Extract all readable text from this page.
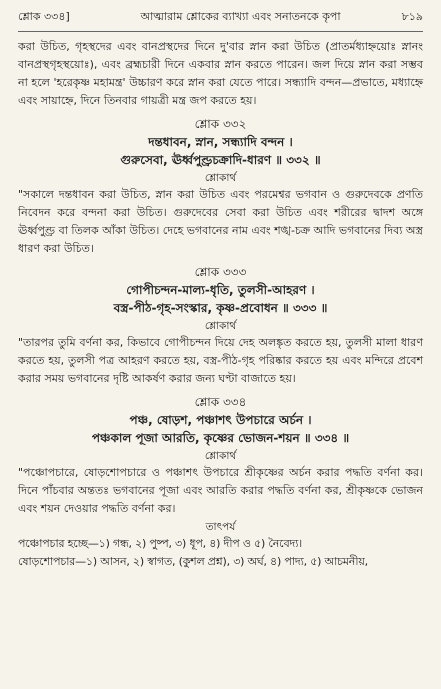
শ্লোক ৩৩৪]	আত্মারাম শ্লোকের ব্যাখ্যা এবং সনাতনকে কৃপা	৮১৯

করা উচিত, গৃহস্থদের এবং বানপ্রস্থদের দিনে দু'বার স্নান করা উচিত (প্রাতর্মধ্যাহ্নয়োঃ স্নানং বানপ্রস্থগৃহস্থয়োঃ), এবং ব্রহ্মচারী দিনে একবার স্নান করতে পারেন। জল দিয়ে স্নান করা সম্ভব না হলে 'হরেকৃষ্ণ মহামন্ত্র' উচ্চারণ করে স্নান করা যেতে পারে। সন্ধ্যাদি বন্দন—প্রভাতে, মধ্যাহ্নে এবং সায়াহ্নে, দিনে তিনবার গায়ত্রী মন্ত্র জপ করতে হয়।

শ্লোক ৩৩২
দন্তধাবন, স্নান, সন্ধ্যাদি বন্দন ।
গুরুসেবা, ঊর্ধ্বপুণ্ড্রচক্রাদি-ধারণ ॥ ৩৩২ ॥
শ্লোকার্থ

"সকালে দন্তধাবন করা উচিত, স্নান করা উচিত এবং পরমেশ্বর ভগবান ও গুরুদেবকে প্রণতি নিবেদন করে বন্দনা করা উচিত। গুরুদেবের সেবা করা উচিত এবং শরীরের দ্বাদশ অঙ্গে ঊর্ধ্বপুণ্ড্র বা তিলক আঁকা উচিত। দেহে ভগবানের নাম এবং শঙ্খ-চক্র আদি ভগবানের দিব্য অস্ত্র ধারণ করা উচিত।

শ্লোক ৩৩৩
গোপীচন্দন-মাল্য-ধৃতি, তুলসী-আহরণ ।
বস্ত্র-পীঠ-গৃহ-সংস্কার, কৃষ্ণ-প্রবোধন ॥ ৩৩৩ ॥
শ্লোকার্থ

"তারপর তুমি বর্ণনা কর, কিভাবে গোপীচন্দন দিয়ে দেহ অলঙ্কৃত করতে হয়, তুলসী মালা ধারণ করতে হয়, তুলসী পত্র আহরণ করতে হয়, বস্ত্র-পীঠ-গৃহ পরিষ্কার করতে হয় এবং মন্দিরে প্রবেশ করার সময় ভগবানের দৃষ্টি আকর্ষণ করার জন্য ঘণ্টা বাজাতে হয়।

শ্লোক ৩৩৪
পঞ্চ, ষোড়শ, পঞ্চাশৎ উপচারে অর্চন ।
পঞ্চকাল পূজা আরতি, কৃষ্ণের ভোজন-শয়ন ॥ ৩৩৪ ॥
শ্লোকার্থ

"পঞ্চোপচারে, ষোড়শোপচারে ও পঞ্চাশৎ উপচারে শ্রীকৃষ্ণের অর্চন করার পদ্ধতি বর্ণনা কর। দিনে পাঁচবার অন্ততঃ ভগবানের পূজা এবং আরতি করার পদ্ধতি বর্ণনা কর, শ্রীকৃষ্ণকে ভোজন এবং শয়ন দেওয়ার পদ্ধতি বর্ণনা কর।

তাৎপর্য

পঞ্চোপচার হচ্ছে—১) গন্ধ, ২) পুষ্প, ৩) ধূপ, ৪) দীপ ও ৫) নৈবেদ্য।

ষোড়শোপচার—১) আসন, ২) স্বাগত, (কুশল প্রশ্ন), ৩) অর্ঘ, ৪) পাদ্য, ৫) আচমনীয়,
